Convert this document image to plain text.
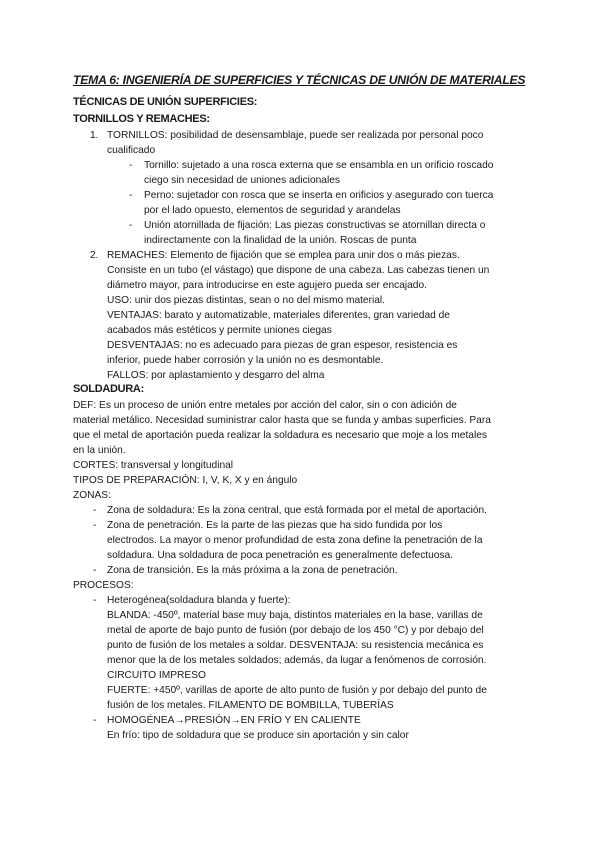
TEMA 6: INGENIERÍA DE SUPERFICIES Y TÉCNICAS DE UNIÓN DE MATERIALES
TÉCNICAS DE UNIÓN SUPERFICIES:
TORNILLOS Y REMACHES:
1. TORNILLOS: posibilidad de desensamblaje, puede ser realizada por personal poco
cualificado
- Tornillo: sujetado a una rosca externa que se ensambla en un orificio roscado
ciego sin necesidad de uniones adicionales
- Perno: sujetador con rosca que se inserta en orificios y asegurado con tuerca
por el lado opuesto, elementos de seguridad y arandelas
- Unión atornillada de fijación: Las piezas constructivas se atornillan directa o
indirectamente con la finalidad de la unión. Roscas de punta
2. REMACHES: Elemento de fijación que se emplea para unir dos o más piezas.
Consiste en un tubo (el vástago) que dispone de una cabeza. Las cabezas tienen un
diámetro mayor, para introducirse en este agujero pueda ser encajado.
USO: unir dos piezas distintas, sean o no del mismo material.
VENTAJAS: barato y automatizable, materiales diferentes, gran variedad de
acabados más estéticos y permite uniones ciegas
DESVENTAJAS: no es adecuado para piezas de gran espesor, resistencia es
inferior, puede haber corrosión y la unión no es desmontable.
FALLOS: por aplastamiento y desgarro del alma
SOLDADURA:
DEF: Es un proceso de unión entre metales por acción del calor, sin o con adición de
material metálico. Necesidad suministrar calor hasta que se funda y ambas superficies. Para
que el metal de aportación pueda realizar la soldadura es necesario que moje a los metales
en la unión.
CORTES: transversal y longitudinal
TIPOS DE PREPARACIÓN: I, V, K, X y en ángulo
ZONAS:
- Zona de soldadura: Es la zona central, que está formada por el metal de aportación.
- Zona de penetración. Es la parte de las piezas que ha sido fundida por los
electrodos. La mayor o menor profundidad de esta zona define la penetración de la
soldadura. Una soldadura de poca penetración es generalmente defectuosa.
- Zona de transición. Es la más próxima a la zona de penetración.
PROCESOS:
- Heterogénea(soldadura blanda y fuerte):
BLANDA: -450º, material base muy baja, distintos materiales en la base, varillas de
metal de aporte de bajo punto de fusión (por debajo de los 450 °C) y por debajo del
punto de fusión de los metales a soldar. DESVENTAJA: su resistencia mecánica es
menor que la de los metales soldados; además, da lugar a fenómenos de corrosión.
CIRCUITO IMPRESO
FUERTE: +450º, varillas de aporte de alto punto de fusión y por debajo del punto de
fusión de los metales. FILAMENTO DE BOMBILLA, TUBERÍAS
- HOMOGÉNEA→PRESIÓN→EN FRÍO Y EN CALIENTE
En frío: tipo de soldadura que se produce sin aportación y sin calor
